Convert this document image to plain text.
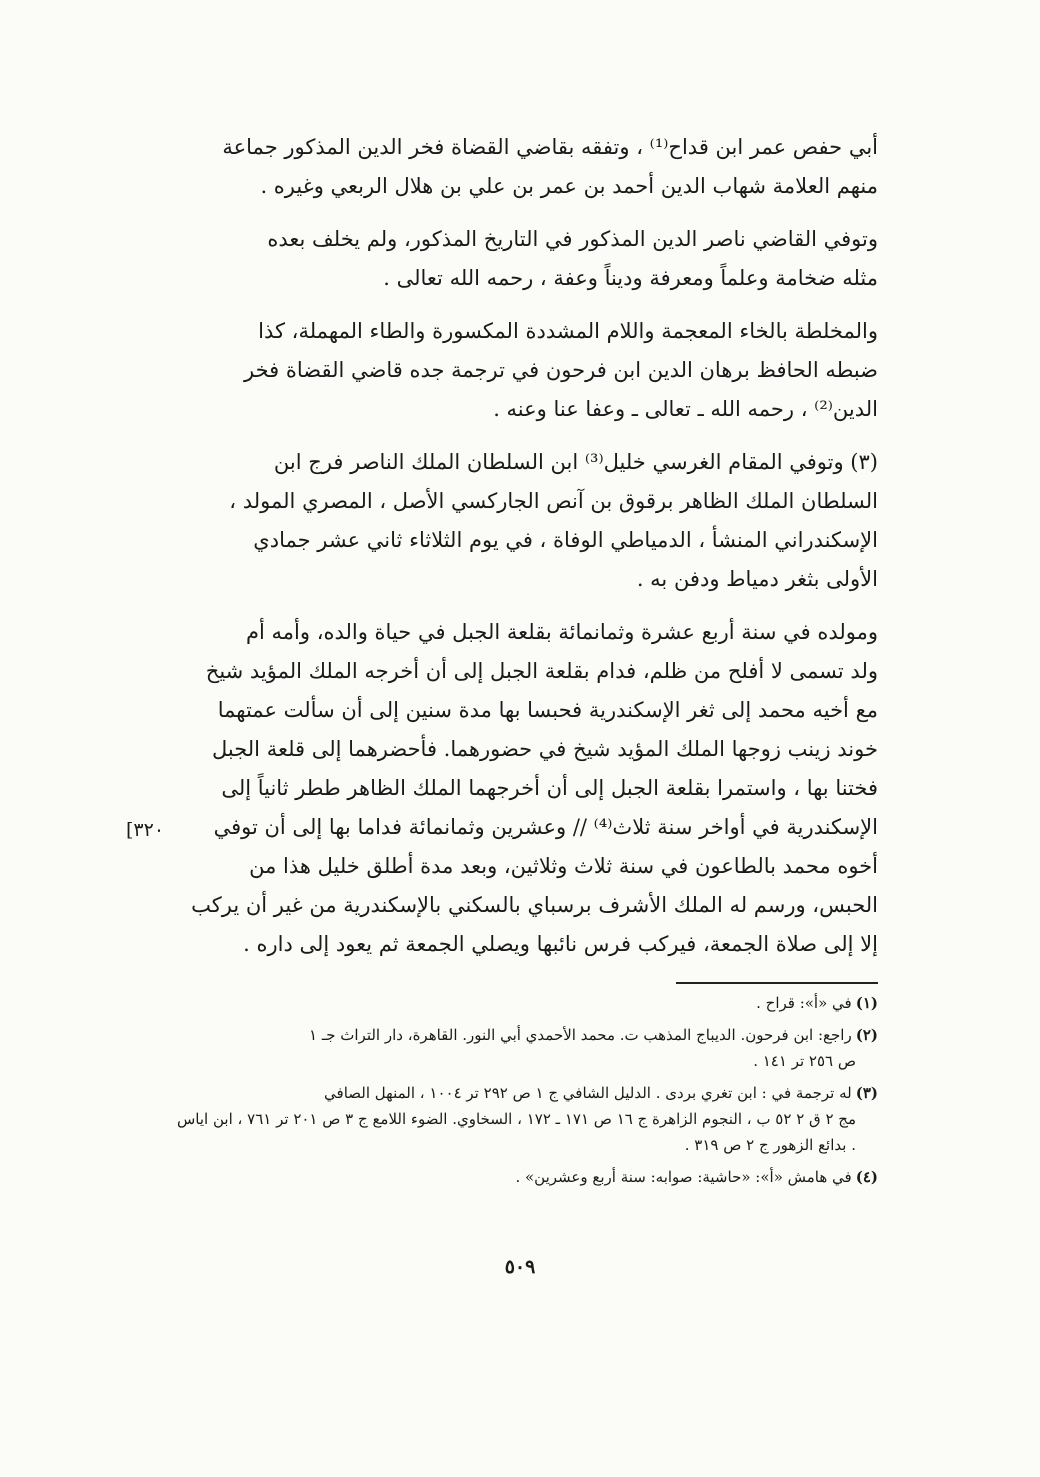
أبي حفص عمر ابن قداح⁽¹⁾ ، وتفقه بقاضي القضاة فخر الدين المذكور جماعة
منهم العلامة شهاب الدين أحمد بن عمر بن علي بن هلال الربعي وغيره .

وتوفي القاضي ناصر الدين المذكور في التاريخ المذكور، ولم يخلف بعده
مثله ضخامة وعلماً ومعرفة وديناً وعفة ، رحمه الله تعالى .

والمخلطة بالخاء المعجمة واللام المشددة المكسورة والطاء المهملة، كذا
ضبطه الحافظ برهان الدين ابن فرحون في ترجمة جده قاضي القضاة فخر
الدين⁽²⁾ ، رحمه الله ـ تعالى ـ وعفا عنا وعنه .

(٣) وتوفي المقام الغرسي خليل⁽³⁾ ابن السلطان الملك الناصر فرج ابن
السلطان الملك الظاهر برقوق بن آنص الجاركسي الأصل ، المصري المولد ،
الإسكندراني المنشأ ، الدمياطي الوفاة ، في يوم الثلاثاء ثاني عشر جمادي
الأولى بثغر دمياط ودفن به .

ومولده في سنة أربع عشرة وثمانمائة بقلعة الجبل في حياة والده، وأمه أم
ولد تسمى لا أفلح من ظلم، فدام بقلعة الجبل إلى أن أخرجه الملك المؤيد شيخ
مع أخيه محمد إلى ثغر الإسكندرية فحبسا بها مدة سنين إلى أن سألت عمتهما
خوند زينب زوجها الملك المؤيد شيخ في حضورهما. فأحضرهما إلى قلعة الجبل
فختنا بها ، واستمرا بقلعة الجبل إلى أن أخرجهما الملك الظاهر ططر ثانياً إلى
الإسكندرية في أواخر سنة ثلاث⁽⁴⁾ // وعشرين وثمانمائة فداما بها إلى أن توفي
أخوه محمد بالطاعون في سنة ثلاث وثلاثين، وبعد مدة أطلق خليل هذا من
الحبس، ورسم له الملك الأشرف برسباي بالسكني بالإسكندرية من غير أن يركب
إلا إلى صلاة الجمعة، فيركب فرس نائبها ويصلي الجمعة ثم يعود إلى داره .

[٣٢٠

(١)في «أ»: قراح .

(٢)راجع: ابن فرحون. الديباج المذهب ت. محمد الأحمدي أبي النور. القاهرة، دار التراث جـ ١
ص ٢٥٦ تر ١٤١ .

(٣)له ترجمة في : ابن تغري بردى . الدليل الشافي ج ١ ص ٢٩٢ تر ١٠٠٤ ، المنهل الصافي
مج ٢ ق ٢ ٥٢ ب ، النجوم الزاهرة ج ١٦ ص ١٧١ ـ ١٧٢ ، السخاوي. الضوء اللامع ج ٣ ص ٢٠١ تر ٧٦١ ، ابن اياس . بدائع الزهور ج ٢ ص ٣١٩ .

(٤)في هامش «أ»: «حاشية: صوابه: سنة أربع وعشرين» .

٥٠٩
